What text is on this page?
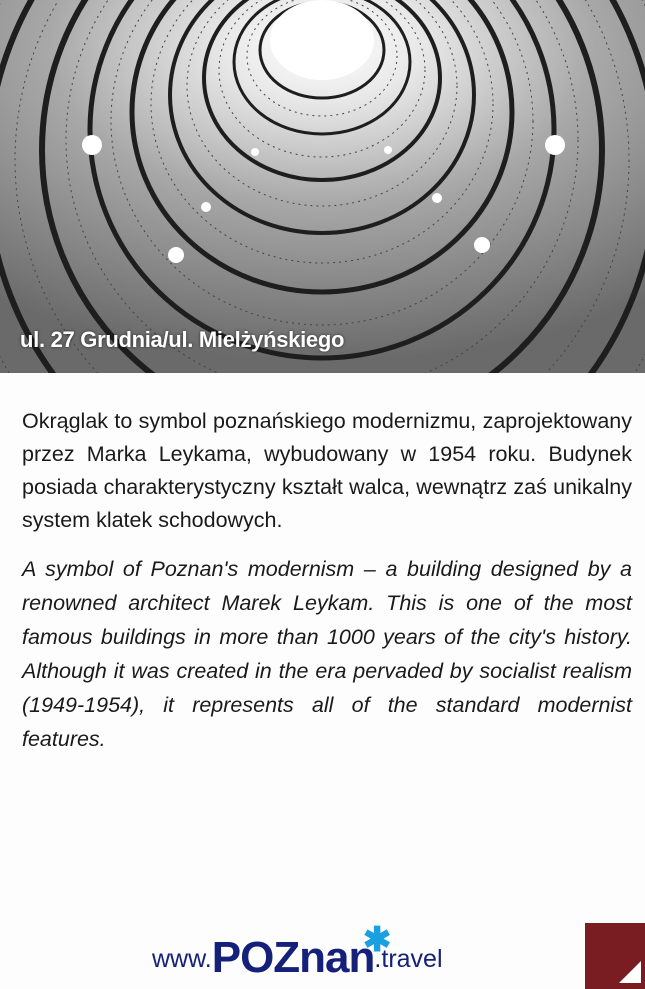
ul. 27 Grudnia/ul. Mielżyńskiego

Okrąglak to symbol poznańskiego modernizmu, zaprojektowany przez Marka Leykama, wybudowany w 1954 roku. Budynek posiada charakterystyczny kształt walca, wewnątrz zaś unikalny system klatek schodowych.

A symbol of Poznan's modernism – a building designed by a renowned architect Marek Leykam. This is one of the most famous buildings in more than 1000 years of the city's history. Although it was created in the era pervaded by socialist realism (1949-1954), it represents all of the standard modernist features.

www. POZnan
✱
.travel
